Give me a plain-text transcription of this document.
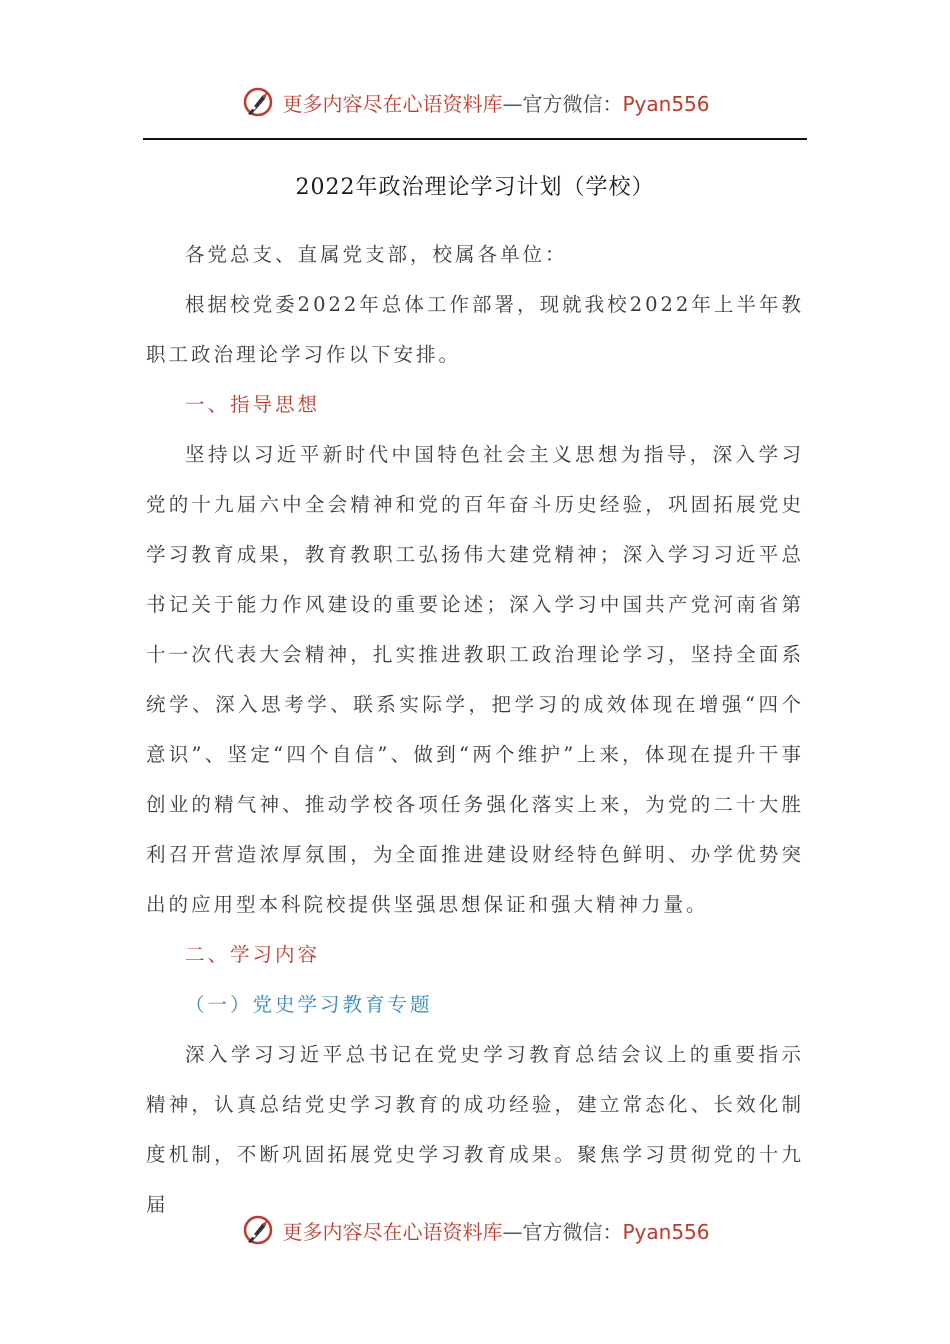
更多内容尽在心语资料库 — 官方微信： Pyan556
2022年政治理论学习计划（学校）

各党总支、直属党支部，校属各单位：

根据校党委2022年总体工作部署，现就我校2022年上半年教职工政治理论学习作以下安排。

一、指导思想

坚持以习近平新时代中国特色社会主义思想为指导，深入学习党的十九届六中全会精神和党的百年奋斗历史经验，巩固拓展党史学习教育成果，教育教职工弘扬伟大建党精神；深入学习习近平总书记关于能力作风建设的重要论述；深入学习中国共产党河南省第十一次代表大会精神，扎实推进教职工政治理论学习，坚持全面系统学、深入思考学、联系实际学，把学习的成效体现在增强“四个意识”、坚定“四个自信”、做到“两个维护”上来，体现在提升干事创业的精气神、推动学校各项任务强化落实上来，为党的二十大胜利召开营造浓厚氛围，为全面推进建设财经特色鲜明、办学优势突出的应用型本科院校提供坚强思想保证和强大精神力量。

二、学习内容

（一）党史学习教育专题

深入学习习近平总书记在党史学习教育总结会议上的重要指示精神，认真总结党史学习教育的成功经验，建立常态化、长效化制度机制，不断巩固拓展党史学习教育成果。聚焦学习贯彻党的十九届

更多内容尽在心语资料库 — 官方微信： Pyan556
